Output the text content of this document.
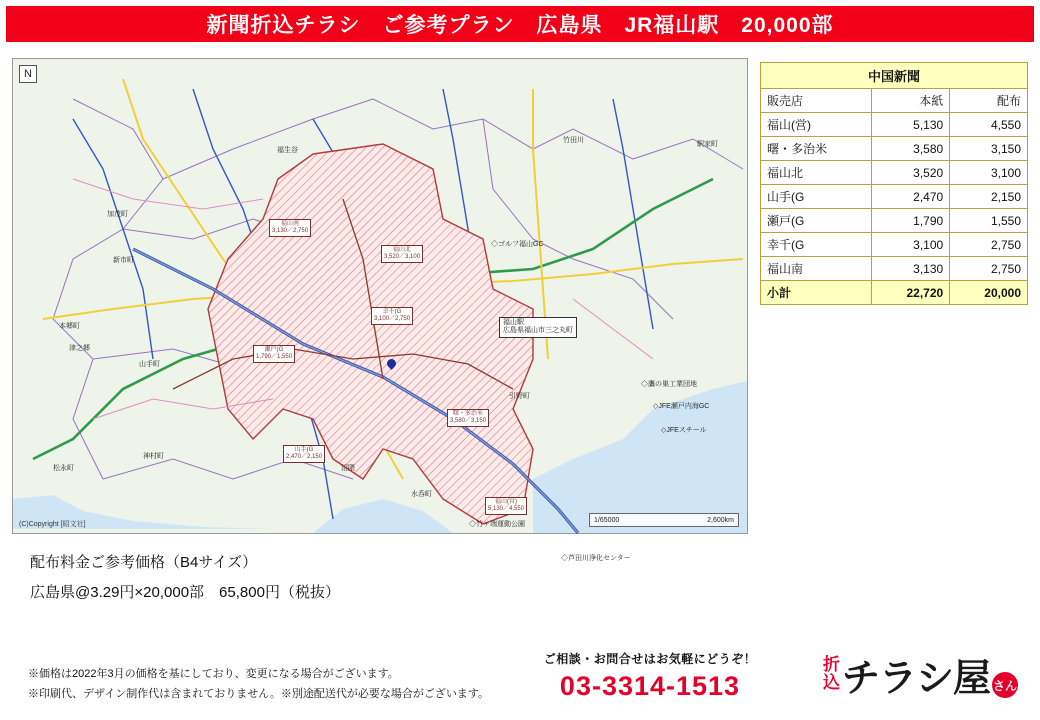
新聞折込チラシ　ご参考プラン　広島県　JR福山駅　20,000部
N
(C)Copyright [昭文社]
1/65000	2,600km
福山駅
広島県福山市三之丸町
福山南
3,130／2,750
福山北
3,520／3,100
幸千(G
3,100／2,750
瀬戸(G
1,790／1,550
山手(G
2,470／2,150
曙・多治米
3,580／3,150
福山(営)
5,130／4,550
◇ゴルフ福山GC
◇鷹の巣工業団地
◇JFE瀬戸内海GC
◇JFEスチール
◇竹ヶ端運動公園
◇芦田川浄化センター
福生谷
竹田川
駅家町
加茂町
新市町
本郷町
山手町
津之郷
引野町
神村町
松永町	沼隈
水呑町
中国新聞		
販売店	本紙	配布
福山(営)	5,130	4,550
曙・多治米	3,580	3,150
福山北	3,520	3,100
山手(G	2,470	2,150
瀬戸(G	1,790	1,550
幸千(G	3,100	2,750
福山南	3,130	2,750
小計	22,720	20,000
配布料金ご参考価格（B4サイズ）
広島県@3.29円×20,000部　65,800円（税抜）
※価格は2022年3月の価格を基にしており、変更になる場合がございます。
※印刷代、デザイン制作代は含まれておりません。※別途配送代が必要な場合がございます。
ご相談・お問合せはお気軽にどうぞ！
03-3314-1513
折
込 チラシ屋 さん
